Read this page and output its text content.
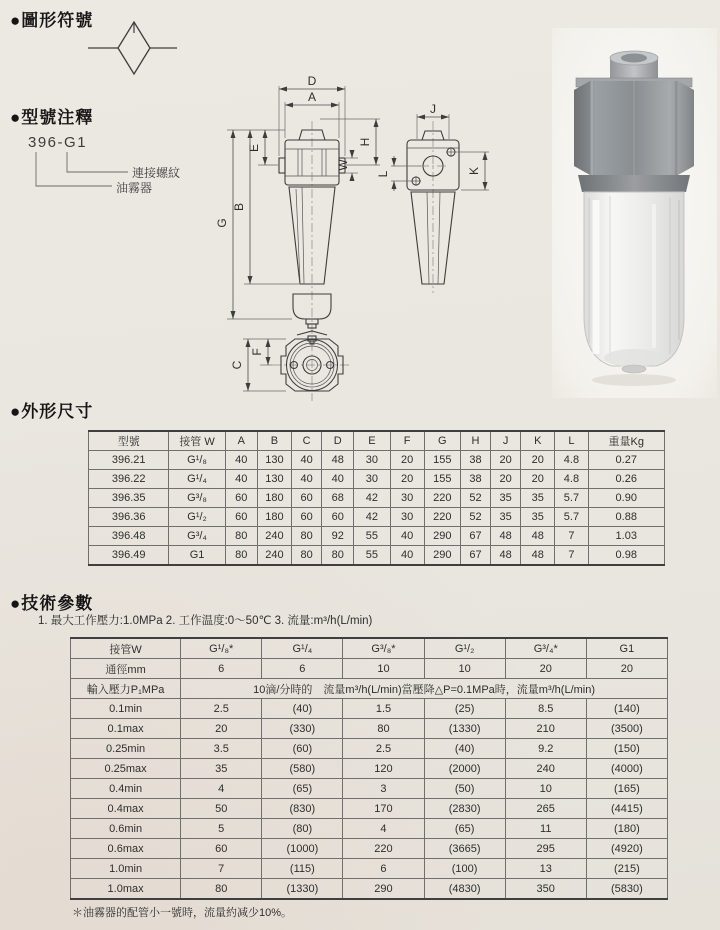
●圖形符號
●型號注釋
●外形尺寸
●技術參數
396-G1
連接螺紋
油霧器
D
A
H
W
E
B
G
C
F
J
K
L
型號	接管 W	A	B	C	D	E	F	G	H	J	K	L	重量Kg
396.21	G¹/₈	40	130	40	48	30	20	155	38	20	20	4.8	0.27
396.22	G¹/₄	40	130	40	40	30	20	155	38	20	20	4.8	0.26
396.35	G³/₈	60	180	60	68	42	30	220	52	35	35	5.7	0.90
396.36	G¹/₂	60	180	60	60	42	30	220	52	35	35	5.7	0.88
396.48	G³/₄	80	240	80	92	55	40	290	67	48	48	7	1.03
396.49	G1	80	240	80	80	55	40	290	67	48	48	7	0.98
1. 最大工作壓力:1.0MPa 2. 工作温度:0～50℃ 3. 流量:m³/h(L/min)
接管W	G¹/₈*	G¹/₄	G³/₈*	G¹/₂	G³/₄*	G1
通徑mm	6	6	10	10	20	20
輸入壓力P₁MPa	10滴/分時的　流量m³/h(L/min)當壓降△P=0.1MPa時，流量m³/h(L/min)					
0.1min	2.5	(40)	1.5	(25)	8.5	(140)
0.1max	20	(330)	80	(1330)	210	(3500)
0.25min	3.5	(60)	2.5	(40)	9.2	(150)
0.25max	35	(580)	120	(2000)	240	(4000)
0.4min	4	(65)	3	(50)	10	(165)
0.4max	50	(830)	170	(2830)	265	(4415)
0.6min	5	(80)	4	(65)	11	(180)
0.6max	60	(1000)	220	(3665)	295	(4920)
1.0min	7	(115)	6	(100)	13	(215)
1.0max	80	(1330)	290	(4830)	350	(5830)
＊油霧器的配管小一號時，流量約减少10%。
